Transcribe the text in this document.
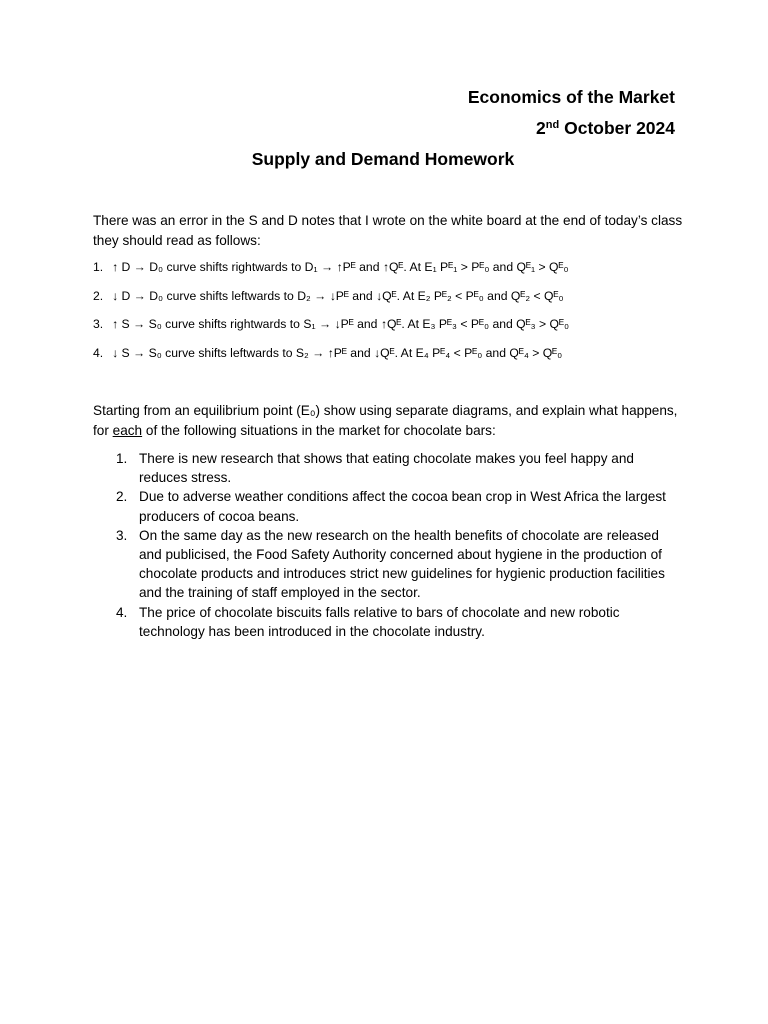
Economics of the Market
2nd October 2024
Supply and Demand Homework
There was an error in the S and D notes that I wrote on the white board at the end of today’s class they should read as follows:
1. ↑ D → D₀ curve shifts rightwards to D₁ → ↑Pᴱ and ↑Qᴱ. At E₁ Pᴱ₁ > Pᴱ₀ and Qᴱ₁ > Qᴱ₀
2. ↓ D → D₀ curve shifts leftwards to D₂ → ↓Pᴱ and ↓Qᴱ. At E₂ Pᴱ₂ < Pᴱ₀ and Qᴱ₂ < Qᴱ₀
3. ↑ S → S₀ curve shifts rightwards to S₁ → ↓Pᴱ and ↑Qᴱ. At E₃ Pᴱ₃ < Pᴱ₀ and Qᴱ₃ > Qᴱ₀
4. ↓ S → S₀ curve shifts leftwards to S₂ → ↑Pᴱ and ↓Qᴱ. At E₄ Pᴱ₄ < Pᴱ₀ and Qᴱ₄ > Qᴱ₀
Starting from an equilibrium point (E₀) show using separate diagrams, and explain what happens, for each of the following situations in the market for chocolate bars:
1. There is new research that shows that eating chocolate makes you feel happy and reduces stress.
2. Due to adverse weather conditions affect the cocoa bean crop in West Africa the largest producers of cocoa beans.
3. On the same day as the new research on the health benefits of chocolate are released and publicised, the Food Safety Authority concerned about hygiene in the production of chocolate products and introduces strict new guidelines for hygienic production facilities and the training of staff employed in the sector.
4. The price of chocolate biscuits falls relative to bars of chocolate and new robotic technology has been introduced in the chocolate industry.
